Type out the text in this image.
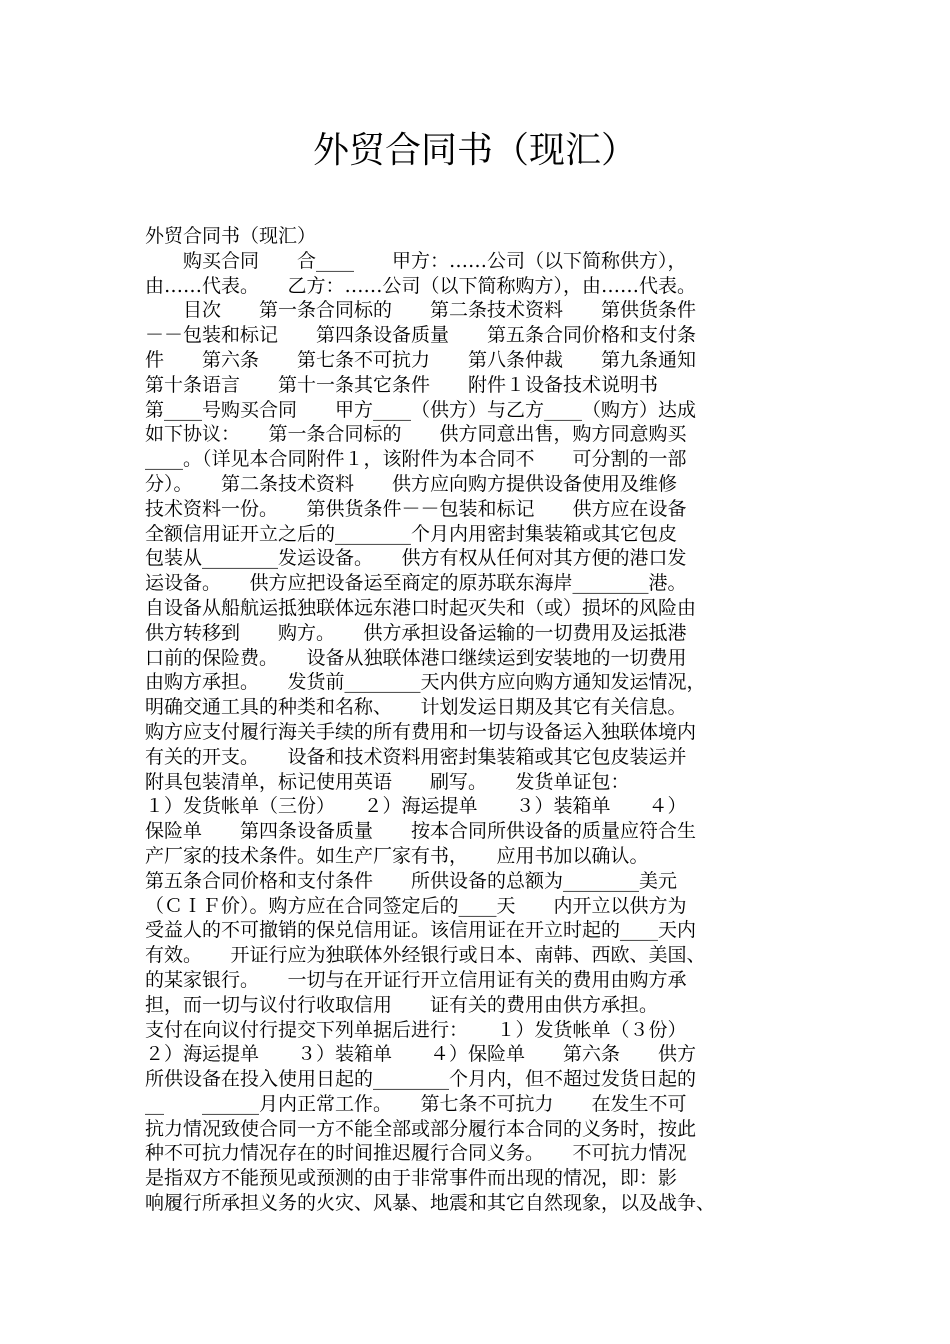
外贸合同书（现汇）
外贸合同书（现汇）
　　购买合同　　合____　　甲方：……公司（以下简称供方），
由……代表。　　乙方：……公司（以下简称购方），由……代表。
　　目次　　第一条合同标的　　第二条技术资料　　第供货条件
－－包装和标记　　第四条设备质量　　第五条合同价格和支付条
件　　第六条　　第七条不可抗力　　第八条仲裁　　第九条通知
第十条语言　　第十一条其它条件　　附件１设备技术说明书
第____号购买合同　　甲方____（供方）与乙方____（购方）达成
如下协议：　　第一条合同标的　　供方同意出售，购方同意购买
____。（详见本合同附件１，该附件为本合同不　　可分割的一部
分）。　　第二条技术资料　　供方应向购方提供设备使用及维修
技术资料一份。　　第供货条件－－包装和标记　　供方应在设备
全额信用证开立之后的________个月内用密封集装箱或其它包皮
包装从________发运设备。　　供方有权从任何对其方便的港口发
运设备。　　供方应把设备运至商定的原苏联东海岸________港。
自设备从船航运抵独联体远东港口时起灭失和（或）损坏的风险由
供方转移到　　购方。　　供方承担设备运输的一切费用及运抵港
口前的保险费。　　设备从独联体港口继续运到安装地的一切费用
由购方承担。　　发货前________天内供方应向购方通知发运情况，
明确交通工具的种类和名称、　　计划发运日期及其它有关信息。
购方应支付履行海关手续的所有费用和一切与设备运入独联体境内
有关的开支。　　设备和技术资料用密封集装箱或其它包皮装运并
附具包装清单，标记使用英语　　刷写。　　发货单证包：
１）发货帐单（三份）　　２）海运提单　　３）装箱单　　４）
保险单　　第四条设备质量　　按本合同所供设备的质量应符合生
产厂家的技术条件。如生产厂家有书，　　应用书加以确认。
第五条合同价格和支付条件　　所供设备的总额为________美元
（ＣＩＦ价）。购方应在合同签定后的____天　　内开立以供方为
受益人的不可撤销的保兑信用证。该信用证在开立时起的____天内
有效。　　开证行应为独联体外经银行或日本、南韩、西欧、美国、
的某家银行。　　一切与在开证行开立信用证有关的费用由购方承
担，而一切与议付行收取信用　　证有关的费用由供方承担。
支付在向议付行提交下列单据后进行：　　１）发货帐单（３份）
２）海运提单　　３）装箱单　　４）保险单　　第六条　　供方
所供设备在投入使用日起的________个月内，但不超过发货日起的
__　　______月内正常工作。　　第七条不可抗力　　在发生不可
抗力情况致使合同一方不能全部或部分履行本合同的义务时，按此
种不可抗力情况存在的时间推迟履行合同义务。　　不可抗力情况
是指双方不能预见或预测的由于非常事件而出现的情况，即：影
响履行所承担义务的火灾、风暴、地震和其它自然现象，以及战争、
